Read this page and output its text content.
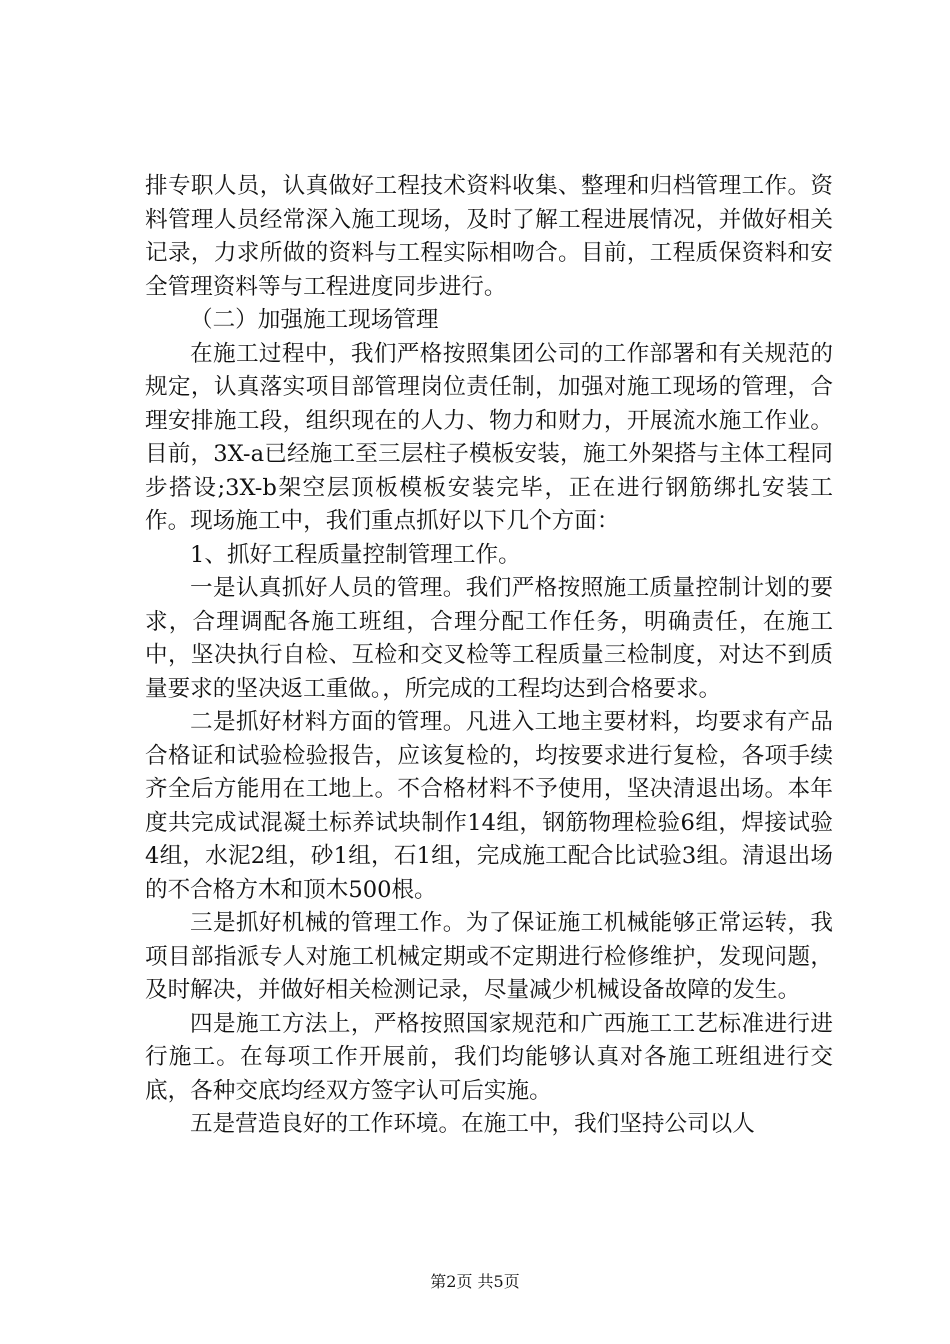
排专职人员，认真做好工程技术资料收集、整理和归档管理工作。资料管理人员经常深入施工现场，及时了解工程进展情况，并做好相关记录，力求所做的资料与工程实际相吻合。目前，工程质保资料和安全管理资料等与工程进度同步进行。

（二）加强施工现场管理

在施工过程中，我们严格按照集团公司的工作部署和有关规范的规定，认真落实项目部管理岗位责任制，加强对施工现场的管理，合理安排施工段，组织现在的人力、物力和财力，开展流水施工作业。目前，3X-a已经施工至三层柱子模板安装，施工外架搭与主体工程同步搭设;3X-b架空层顶板模板安装完毕，正在进行钢筋绑扎安装工作。现场施工中，我们重点抓好以下几个方面：

1、抓好工程质量控制管理工作。

一是认真抓好人员的管理。我们严格按照施工质量控制计划的要求，合理调配各施工班组，合理分配工作任务，明确责任，在施工中，坚决执行自检、互检和交叉检等工程质量三检制度，对达不到质量要求的坚决返工重做。，所完成的工程均达到合格要求。

二是抓好材料方面的管理。凡进入工地主要材料，均要求有产品合格证和试验检验报告，应该复检的，均按要求进行复检，各项手续齐全后方能用在工地上。不合格材料不予使用，坚决清退出场。本年度共完成试混凝土标养试块制作14组，钢筋物理检验6组，焊接试验4组，水泥2组，砂1组，石1组，完成施工配合比试验3组。清退出场的不合格方木和顶木500根。

三是抓好机械的管理工作。为了保证施工机械能够正常运转，我项目部指派专人对施工机械定期或不定期进行检修维护，发现问题，及时解决，并做好相关检测记录，尽量减少机械设备故障的发生。

四是施工方法上，严格按照国家规范和广西施工工艺标准进行进行施工。在每项工作开展前，我们均能够认真对各施工班组进行交底，各种交底均经双方签字认可后实施。

五是营造良好的工作环境。在施工中，我们坚持公司以人

第2页 共5页
